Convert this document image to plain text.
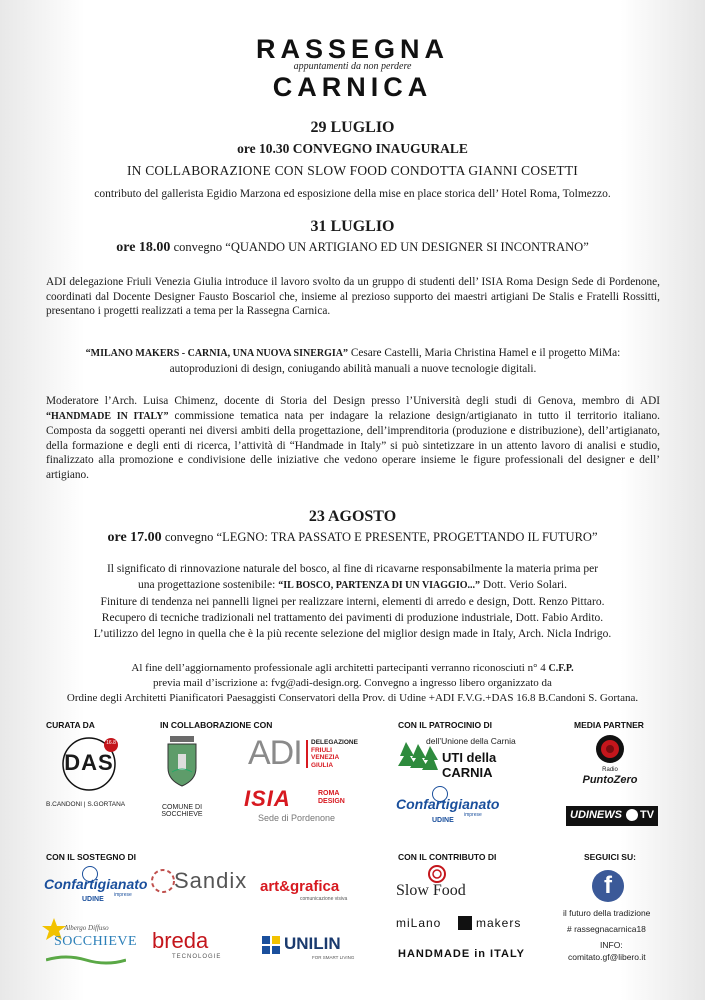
RASSEGNA
appuntamenti da non perdere
CARNICA
29 LUGLIO
ore 10.30 CONVEGNO INAUGURALE
IN COLLABORAZIONE CON SLOW FOOD CONDOTTA GIANNI COSETTI
contributo del gallerista Egidio Marzona ed esposizione della mise en place storica dell’ Hotel Roma, Tolmezzo.
31 LUGLIO
ore 18.00 convegno “QUANDO UN ARTIGIANO ED UN DESIGNER SI INCONTRANO”
ADI delegazione Friuli Venezia Giulia introduce il lavoro svolto da un gruppo di studenti dell’ ISIA Roma Design Sede di Pordenone, coordinati dal Docente Designer Fausto Boscariol che, insieme al prezioso supporto dei maestri artigiani De Stalis e Fratelli Rossitti, presentano i progetti realizzati a tema per la Rassegna Carnica.
“MILANO MAKERS - CARNIA, UNA NUOVA SINERGIA” Cesare Castelli, Maria Christina Hamel e il progetto MiMa: autoproduzioni di design, coniugando abilità manuali a nuove tecnologie digitali.
Moderatore l’Arch. Luisa Chimenz, docente di Storia del Design presso l’Università degli studi di Genova, membro di ADI “HANDMADE IN ITALY” commissione tematica nata per indagare la relazione design/artigianato in tutto il territorio italiano. Composta da soggetti operanti nei diversi ambiti della progettazione, dell’imprenditoria (produzione e distribuzione), dell’artigianato, della formazione e degli enti di ricerca, l’attività di “Handmade in Italy” si può sintetizzare in un attento lavoro di analisi e studio, finalizzato alla promozione e condivisione delle iniziative che vedono operare insieme le figure professionali del designer e dell’ artigiano.
23 AGOSTO
ore 17.00 convegno “LEGNO: TRA PASSATO E PRESENTE, PROGETTANDO IL FUTURO”
Il significato di rinnovazione naturale del bosco, al fine di ricavarne responsabilmente la materia prima per
una progettazione sostenibile: “IL BOSCO, PARTENZA DI UN VIAGGIO...” Dott. Verio Solari.
Finiture di tendenza nei pannelli lignei per realizzare interni, elementi di arredo e design, Dott. Renzo Pittaro.
Recupero di tecniche tradizionali nel trattamento dei pavimenti di produzione industriale, Dott. Fabio Ardito.
L’utilizzo del legno in quella che è la più recente selezione del miglior design made in Italy, Arch. Nicla Indrigo.
Al fine dell’aggiornamento professionale agli architetti partecipanti verranno riconosciuti n° 4 C.F.P.
previa mail d’iscrizione a: fvg@adi-design.org. Convegno a ingresso libero organizzato da
Ordine degli Architetti Pianificatori Paesaggisti Conservatori della Prov. di Udine +ADI F.V.G.+DAS 16.8 B.Candoni S. Gortana.
CURATA DA
DAS
16.8
B.CANDONI | S.GORTANA
IN COLLABORAZIONE CON
COMUNE DI
SOCCHIEVE
ADI DELEGAZIONE
FRIULI
VENEZIA
GIULIA
ISIA	ROMA
DESIGN
Sede di Pordenone
CON IL PATROCINIO DI
dell’Unione della Carnia
UTI della CARNIA
Confartigianato
imprese
UDINE
MEDIA PARTNER
Radio
PuntoZero
UDINEWS TV
CON IL SOSTEGNO DI
Confartigianato
imprese
UDINE
Albergo Diffuso
SOCCHIEVE
Sandix art&grafica
comunicazione visiva
breda
TECNOLOGIE
UNILIN
FOR SMART LIVING
CON IL CONTRIBUTO DI
Slow Food
miLano	makers
HANDMADE in ITALY
SEGUICI SU:
f
il futuro della tradizione
# rassegnacarnica18
INFO:
comitato.gf@libero.it
